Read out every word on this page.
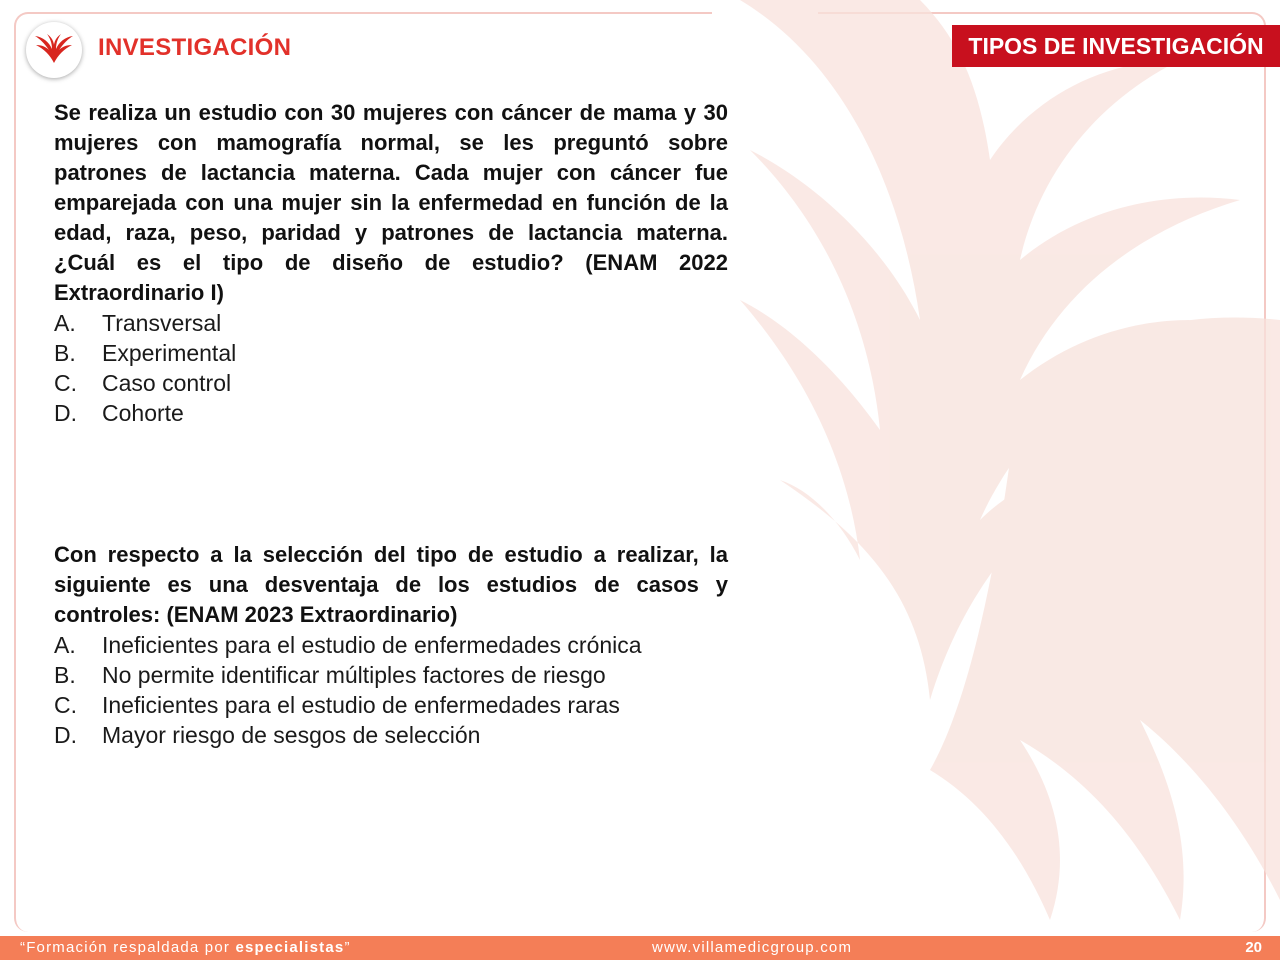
INVESTIGACIÓN	TIPOS DE INVESTIGACIÓN

Se realiza un estudio con 30 mujeres con cáncer de mama y 30 mujeres con mamografía normal, se les preguntó sobre patrones de lactancia materna. Cada mujer con cáncer fue emparejada con una mujer sin la enfermedad en función de la edad, raza, peso, paridad y patrones de lactancia materna. ¿Cuál es el tipo de diseño de estudio? (ENAM 2022 Extraordinario I)

A.	Transversal
B.	Experimental
C.	Caso control
D.	Cohorte

Con respecto a la selección del tipo de estudio a realizar, la siguiente es una desventaja de los estudios de casos y controles: (ENAM 2023 Extraordinario)

A.	Ineficientes para el estudio de enfermedades crónica
B.	No permite identificar múltiples factores de riesgo
C.	Ineficientes para el estudio de enfermedades raras
D.	Mayor riesgo de sesgos de selección
“Formación respaldada por especialistas”	www.villamedicgroup.com	20
